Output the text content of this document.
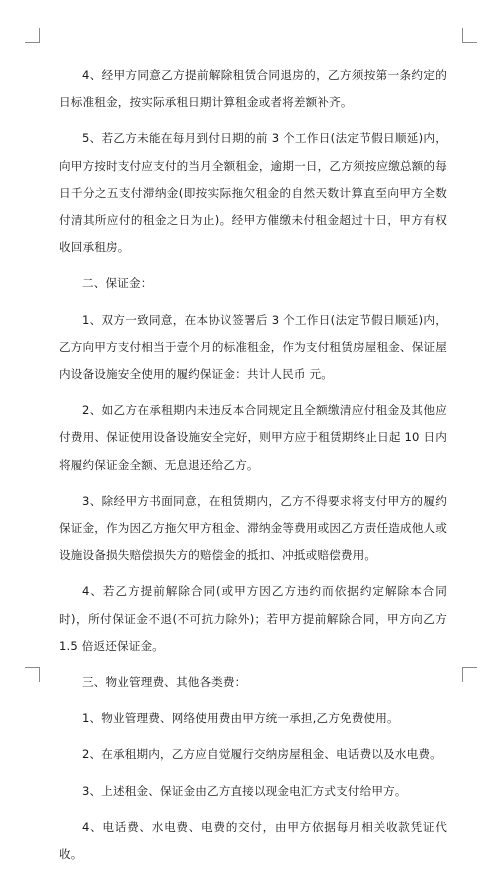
4、经甲方同意乙方提前解除租赁合同退房的，乙方须按第一条约定的日标准租金，按实际承租日期计算租金或者将差额补齐。

5、若乙方未能在每月到付日期的前 3 个工作日(法定节假日顺延)内，向甲方按时支付应支付的当月全额租金，逾期一日，乙方须按应缴总额的每日千分之五支付滞纳金(即按实际拖欠租金的自然天数计算直至向甲方全数付清其所应付的租金之日为止)。经甲方催缴未付租金超过十日，甲方有权收回承租房。

二、保证金：

1、双方一致同意，在本协议签署后 3 个工作日(法定节假日顺延)内，乙方向甲方支付相当于壹个月的标准租金，作为支付租赁房屋租金、保证屋内设备设施安全使用的履约保证金：共计人民币 元。

2、如乙方在承租期内未违反本合同规定且全额缴清应付租金及其他应付费用、保证使用设备设施安全完好，则甲方应于租赁期终止日起 10 日内将履约保证金全额、无息退还给乙方。

3、除经甲方书面同意，在租赁期内，乙方不得要求将支付甲方的履约保证金，作为因乙方拖欠甲方租金、滞纳金等费用或因乙方责任造成他人或设施设备损失赔偿损失方的赔偿金的抵扣、冲抵或赔偿费用。

4、若乙方提前解除合同(或甲方因乙方违约而依据约定解除本合同时)，所付保证金不退(不可抗力除外)；若甲方提前解除合同，甲方向乙方 1.5 倍返还保证金。

三、物业管理费、其他各类费：

1、物业管理费、网络使用费由甲方统一承担,乙方免费使用。

2、在承租期内，乙方应自觉履行交纳房屋租金、电话费以及水电费。

3、上述租金、保证金由乙方直接以现金电汇方式支付给甲方。

4、电话费、水电费、电费的交付，由甲方依据每月相关收款凭证代收。
